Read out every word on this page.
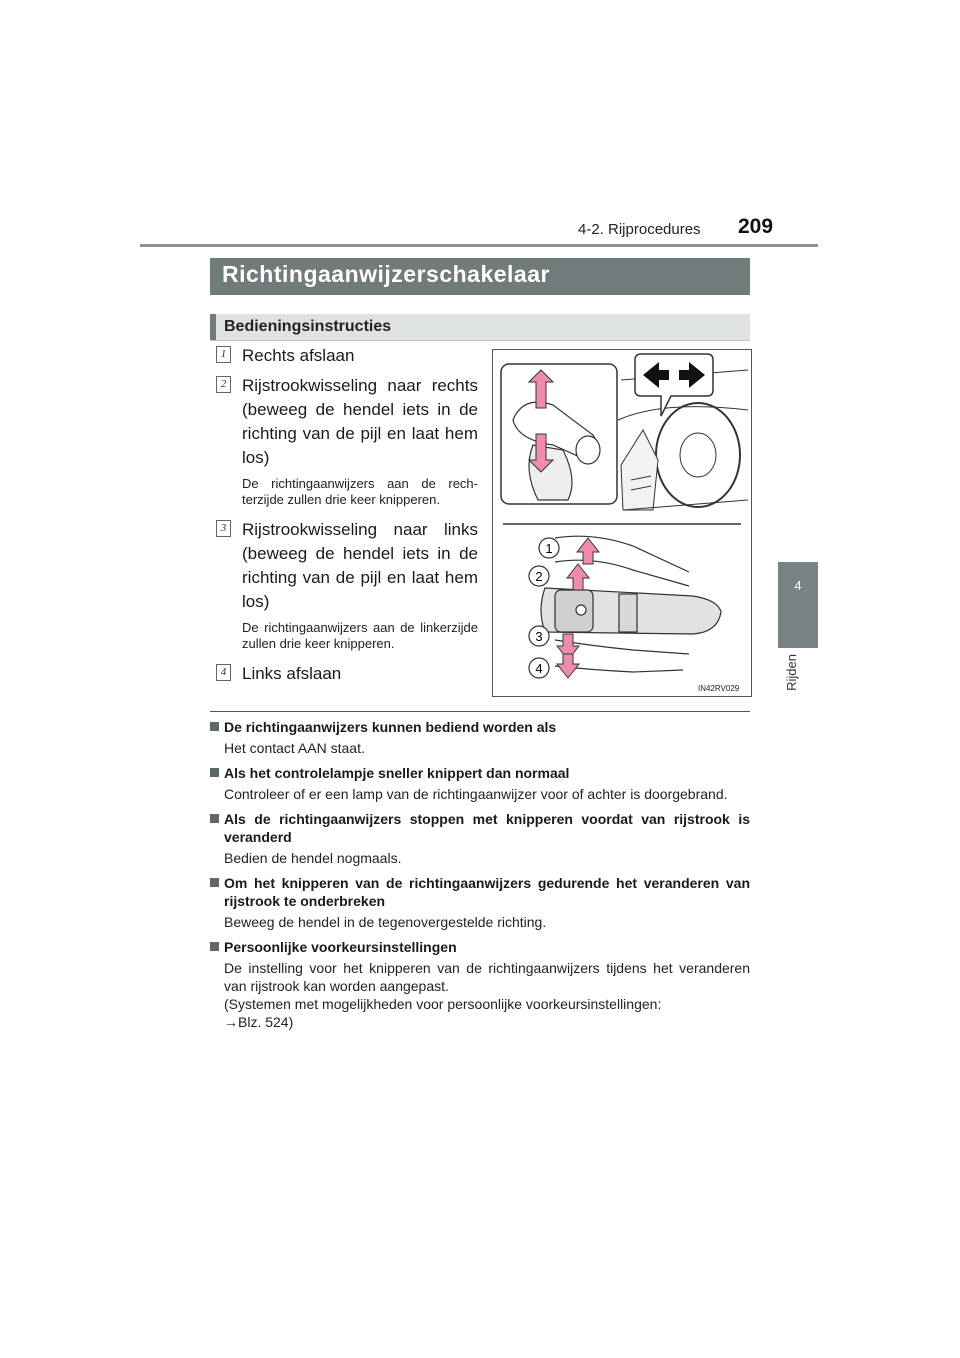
4-2. Rijprocedures 209
4
Rijden
Richtingaanwijzerschakelaar
Bedieningsinstructies
1 Rechts afslaan
2 Rijstrookwisseling naar rechts (beweeg de hendel iets in de richting van de pijl en laat hem los)
De richtingaanwijzers aan de rechterzijde zullen drie keer knipperen.
3 Rijstrookwisseling naar links (beweeg de hendel iets in de richting van de pijl en laat hem los)
De richtingaanwijzers aan de linkerzijde zullen drie keer knipperen.
4 Links afslaan
1
2
3
4
IN42RV029
De richtingaanwijzers kunnen bediend worden als
Het contact AAN staat.
Als het controlelampje sneller knippert dan normaal
Controleer of er een lamp van de richtingaanwijzer voor of achter is doorgebrand.
Als de richtingaanwijzers stoppen met knipperen voordat van rijstrook is veranderd
Bedien de hendel nogmaals.
Om het knipperen van de richtingaanwijzers gedurende het veranderen van rijstrook te onderbreken
Beweeg de hendel in de tegenovergestelde richting.
Persoonlijke voorkeursinstellingen
De instelling voor het knipperen van de richtingaanwijzers tijdens het veranderen van rijstrook kan worden aangepast.
(Systemen met mogelijkheden voor persoonlijke voorkeursinstellingen:
→Blz. 524)
